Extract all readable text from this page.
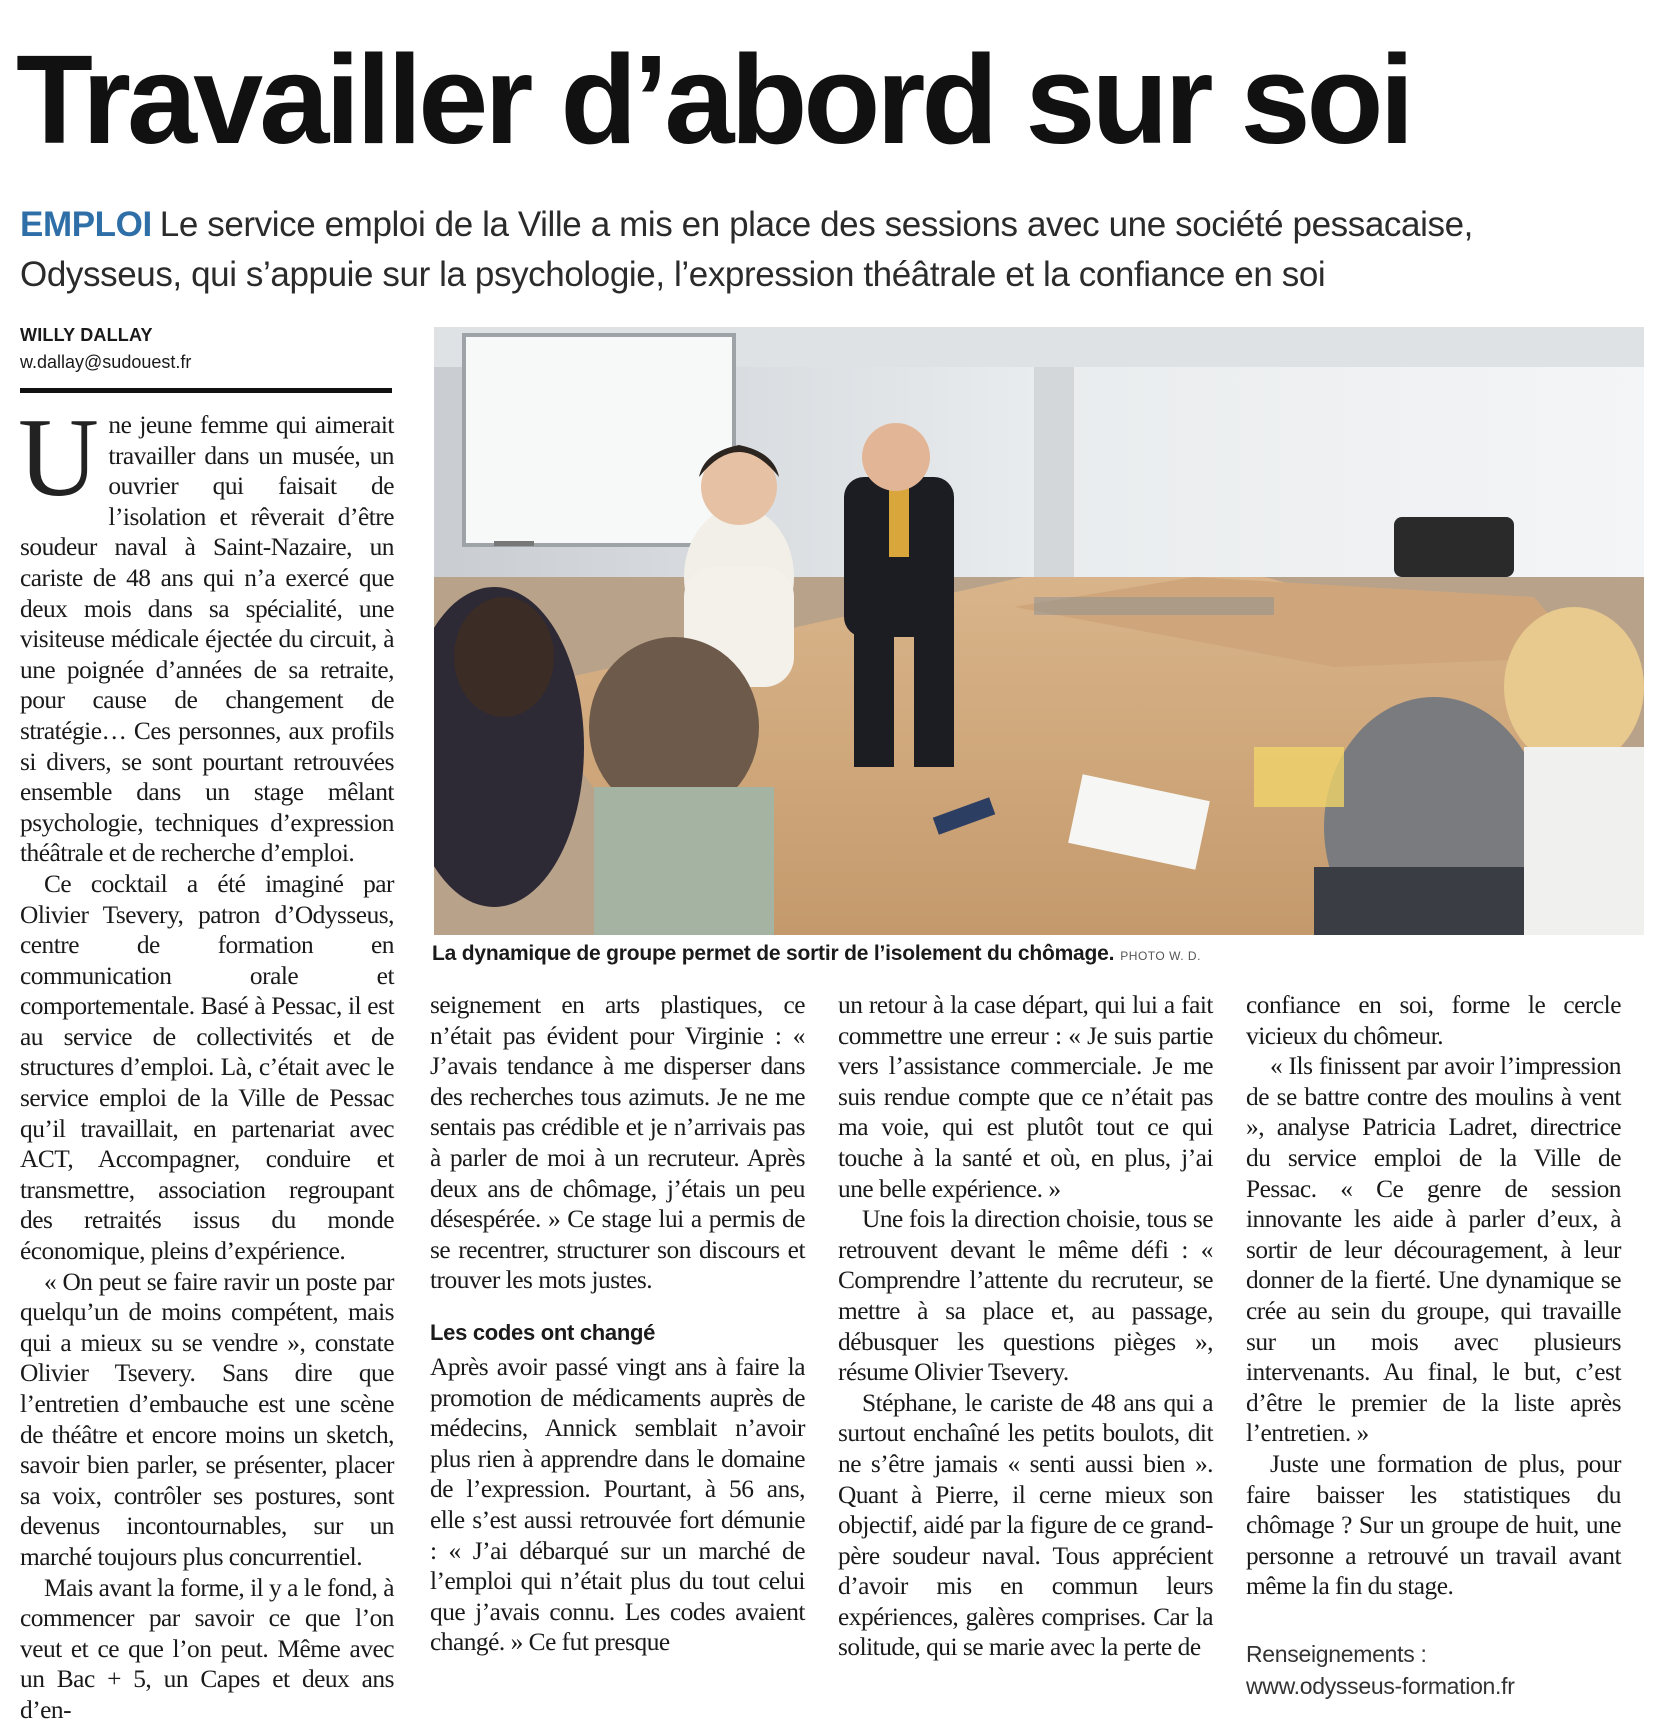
Travailler d’abord sur soi
EMPLOI Le service emploi de la Ville a mis en place des sessions avec une société pessacaise, Odysseus, qui s’appuie sur la psychologie, l’expression théâtrale et la confiance en soi
WILLY DALLAY
w.dallay@sudouest.fr
La dynamique de groupe permet de sortir de l’isolement du chômage. PHOTO W. D.

Une jeune femme qui aimerait travailler dans un musée, un ouvrier qui faisait de l’isolation et rêverait d’être soudeur naval à Saint-Nazaire, un cariste de 48 ans qui n’a exercé que deux mois dans sa spécialité, une visiteuse médicale éjectée du circuit, à une poignée d’années de sa retraite, pour cause de changement de stratégie… Ces personnes, aux profils si divers, se sont pourtant retrouvées ensemble dans un stage mêlant psychologie, techniques d’expression théâtrale et de recherche d’emploi.

Ce cocktail a été imaginé par Olivier Tsevery, patron d’Odysseus, centre de formation en communication orale et comportementale. Basé à Pessac, il est au service de collectivités et de structures d’emploi. Là, c’était avec le service emploi de la Ville de Pessac qu’il travaillait, en partenariat avec ACT, Accompagner, conduire et transmettre, association regroupant des retraités issus du monde économique, pleins d’expérience.

« On peut se faire ravir un poste par quelqu’un de moins compétent, mais qui a mieux su se vendre », constate Olivier Tsevery. Sans dire que l’entretien d’embauche est une scène de théâtre et encore moins un sketch, savoir bien parler, se présenter, placer sa voix, contrôler ses postures, sont devenus incontournables, sur un marché toujours plus concurrentiel.

Mais avant la forme, il y a le fond, à commencer par savoir ce que l’on veut et ce que l’on peut. Même avec un Bac + 5, un Capes et deux ans d’en-

seignement en arts plastiques, ce n’était pas évident pour Virginie : « J’avais tendance à me disperser dans des recherches tous azimuts. Je ne me sentais pas crédible et je n’arrivais pas à parler de moi à un recruteur. Après deux ans de chômage, j’étais un peu désespérée. » Ce stage lui a permis de se recentrer, structurer son discours et trouver les mots justes.

Les codes ont changé

Après avoir passé vingt ans à faire la promotion de médicaments auprès de médecins, Annick semblait n’avoir plus rien à apprendre dans le domaine de l’expression. Pourtant, à 56 ans, elle s’est aussi retrouvée fort démunie : « J’ai débarqué sur un marché de l’emploi qui n’était plus du tout celui que j’avais connu. Les codes avaient changé. » Ce fut presque

un retour à la case départ, qui lui a fait commettre une erreur : « Je suis partie vers l’assistance commerciale. Je me suis rendue compte que ce n’était pas ma voie, qui est plutôt tout ce qui touche à la santé et où, en plus, j’ai une belle expérience. »

Une fois la direction choisie, tous se retrouvent devant le même défi : « Comprendre l’attente du recruteur, se mettre à sa place et, au passage, débusquer les questions pièges », résume Olivier Tsevery.

Stéphane, le cariste de 48 ans qui a surtout enchaîné les petits boulots, dit ne s’être jamais « senti aussi bien ». Quant à Pierre, il cerne mieux son objectif, aidé par la figure de ce grand-père soudeur naval. Tous apprécient d’avoir mis en commun leurs expériences, galères comprises. Car la solitude, qui se marie avec la perte de

confiance en soi, forme le cercle vicieux du chômeur.

« Ils finissent par avoir l’impression de se battre contre des moulins à vent », analyse Patricia Ladret, directrice du service emploi de la Ville de Pessac. « Ce genre de session innovante les aide à parler d’eux, à sortir de leur découragement, à leur donner de la fierté. Une dynamique se crée au sein du groupe, qui travaille sur un mois avec plusieurs intervenants. Au final, le but, c’est d’être le premier de la liste après l’entretien. »

Juste une formation de plus, pour faire baisser les statistiques du chômage ? Sur un groupe de huit, une personne a retrouvé un travail avant même la fin du stage.

Renseignements :
www.odysseus-formation.fr
